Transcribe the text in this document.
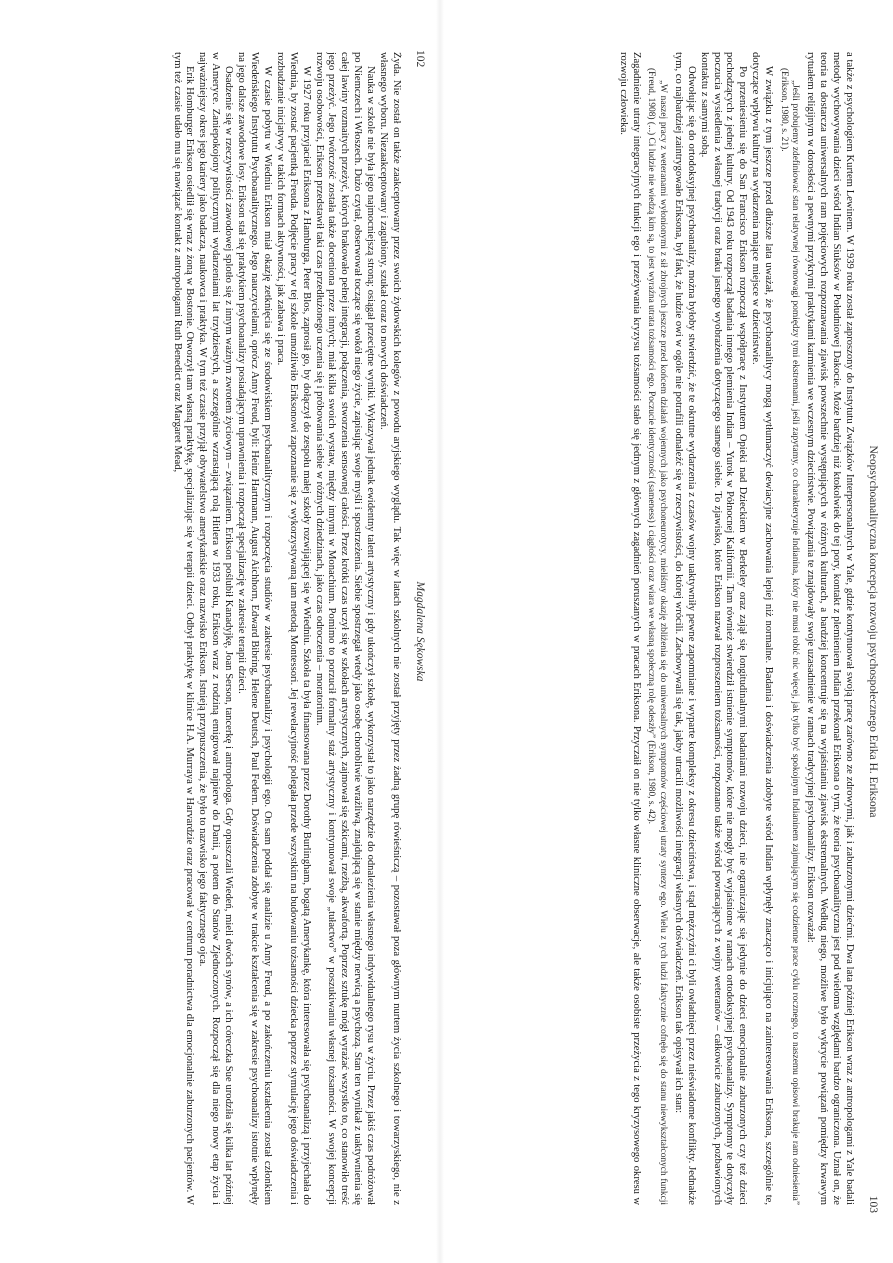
102
Magdalena Sękowska

Żyda. Nie został on także zaakceptowany przez swoich żydowskich kolegów z powodu aryjskiego wyglądu. Tak więc w latach szkolnych nie został przyjęty przez żadną grupę rówieśniczą – pozostawał poza głównym nurtem życia szkolnego i towarzyskiego, nie z własnego wyboru. Niezaakceptowany i zagubiony, szukał coraz to nowych doświadczeń.

Nauka w szkole nie była jego najmocniejszą stroną; osiągał przeciętne wyniki. Wykazywał jednak ewidentny talent artystyczny i gdy ukończył szkołę, wykorzystał to jako narzędzie do odnalezienia własnego indywidualnego rysu w życiu. Przez jakiś czas podróżował po Niemczech i Włoszech. Dużo czytał, obserwował toczące się wokół niego życie, zapisując swoje myśli i spostrzeżenia. Siebie spostrzegał wtedy jako osobę chorobliwie wrażliwą, znajdującą się w stanie między nerwicą a psychozą. Stan ten wynikał z uaktywnienia się całej lawiny rozmaitych przeżyć, których brakowało pełnej integracji, połączenia, stworzenia sensownej całości. Przez krótki czas uczył się w szkołach artystycznych, zajmował się szkicami, rzeźbą, akwafortą. Poprzez sztukę mógł wyrażać wszystko to, co stanowiło treść jego przeżyć. Jego twórczość została także doceniona przez innych; miał kilka swoich wystaw, między innymi w Monachium. Pomimo to porzucił formalny staż artystyczny i kontynuował swoje „tułactwo” w poszukiwaniu własnej tożsamości. W swojej koncepcji rozwoju osobowości, Erikson przedstawił taki czas przedłużonego uczenia się i próbowania siebie w różnych dziedzinach, jako czas odroczenia – moratorium.

W 1927 roku przyjaciel Eriksona z Hamburga, Peter Blos, zaprosił go, by dołączył do zespołu małej szkoły rozwijającej się w Wiedniu. Szkoła ta była finansowana przez Dorothy Burlingham, bogatą Amerykankę, która interesowała się psychoanalizą i przyjechała do Wiednia, by zostać pacjentką Freuda. Podjęcie pracy w tej szkole umożliwiło Eriksonowi zapoznanie się z wykorzystywaną tam metodą Montessori. Jej rewelacyjność polegała przede wszystkim na budowaniu tożsamości dziecka poprzez stymulację jego doświadczenia i rozbudzanie inicjatywy w takich formach aktywności, jak zabawa i praca.

W czasie pobytu w Wiedniu Erikson miał okazję zetknięcia się ze środowiskiem psychoanalitycznym i rozpoczęcia studiów w zakresie psychoanalizy i psychologii ego. On sam poddał się analizie u Anny Freud, a po zakończeniu kształcenia został członkiem Wiedeńskiego Instytutu Psychoanalitycznego. Jego nauczycielami, oprócz Anny Freud, byli: Heinz Hartmann, August Aichhorn, Edward Bibring, Helene Deutsch, Paul Federn. Doświadczenia zdobyte w trakcie kształcenia się w zakresie psychoanalizy istotnie wpłynęły na jego dalsze zawodowe losy. Erikson stał się praktykiem psychoanalizy posiadającym uprawnienia i rozpoczął specjalizację w zakresie terapii dzieci.

Osadzenie się w rzeczywistości zawodowej splotło się z innym ważnym zwrotem życiowym – związaniem. Erikson poślubił Kanadyjkę, Joan Serson, tancerkę i antropologa. Gdy opuszczali Wiedeń, mieli dwóch synów, a ich córeczka Sue urodziła się kilka lat później w Ameryce. Zaniepokojony politycznymi wydarzeniami lat trzydziestych, a szczególnie wzrastającą rolą Hitlera w 1933 roku, Erikson wraz z rodziną emigrował najpierw do Danii, a potem do Stanów Zjednoczonych. Rozpoczął się dla niego nowy etap życia i najważniejszy okres jego kariery jako badacza, naukowca i praktyka. W tym też czasie przyjął obywatelstwo amerykańskie oraz nazwisko Erikson. Istnieją przypuszczenia, że było to nazwisko jego faktycznego ojca.

Erik Homburger Erikson osiedlił się wraz z żoną w Bostonie. Otworzył tam własną praktykę, specjalizując się w terapii dzieci. Odbył praktykę w klinice H.A. Murraya w Harvardzie oraz pracował w centrum poradnictwa dla emocjonalnie zaburzonych pacjentów. W tym też czasie udało mu się nawiązać kontakt z antropologami Ruth Benedict oraz Margaret Mead,

Neopsychoanalityczna koncepcja rozwoju psychospołecznego Erika H. Eriksona
103

a także z psychologiem Kurtem Lewinem. W 1939 roku został zaproszony do Instytutu Związków Interpersonalnych w Yale, gdzie kontynuował swoją pracę zarówno ze zdrowymi, jak i zaburzonymi dziećmi. Dwa lata później Erikson wraz z antropologami z Yale badali metody wychowywania dzieci wśród Indian Siuksów w Południowej Dakocie. Może bardziej niż ktokolwiek do tej pory, kontakt z plemieniem Indian przekonał Eriksona o tym, że teoria psychoanalityczna jest pod wieloma względami bardzo ograniczona. Uznał on, że teoria ta dostarcza uniwersalnych ram pojęciowych rozpoznawania zjawisk powszechnie występujących w różnych kulturach, a bardziej koncentruje się na wyjaśnianiu zjawisk ekstremalnych. Według niego, możliwe było wykrycie powiązań pomiędzy krwawym rytuałem religijnym w dorosłości a pewnymi przykrymi praktykami karmienia we wczesnym dzieciństwie. Powiązania te znajdowały swoje uzasadnienie w ramach tradycyjnej psychoanalizy. Erikson rozważał:

„Jeśli probujemy zdefiniować stan relatywnej równowagi pomiędzy tymi ekstremami, jeśli zapytamy, co charakteryzuje Indianina, który nie musi robić nic więcej, jak tylko być spokojnym Indianinem zajmującym się codzienne prace cyklu rocznego, to naszemu opisowi brakuje ram odniesienia” (Erikson, 1980, s. 21).

W związku z tym jeszcze przed dłuższe lata uważał, że psychoanalitycy mogą wytłumaczyć dewiacyjne zachowania lepiej niż normalne. Badania i doświadczenia zdobyte wśród Indian wpłynęły znacząco i inicjująco na zainteresowania Eriksona, szczególnie te, dotyczące wpływu kultury na wydarzenia mające miejsce w dzieciństwie.

Po przeniesieniu się do San Francisco Erikson rozpoczął współpracę z Instytutem Opieki nad Dzieckiem w Berkeley oraz zajął się longitudinalnymi badaniami rozwoju dzieci, nie ograniczając się jedynie do dzieci emocjonalnie zaburzonych czy też dzieci pochodzących z jednej kultury. Od 1943 roku rozpoczął badania innego plemienia Indian – Yurok w Północnej Kalifornii. Tam również stwierdził istnienie symptomów, które nie mogły być wyjaśnione w ramach ortodoksyjnej psychoanalizy. Symptomy te dotyczyły poczucia wysiedlenia z własnej tradycji oraz braku jasnego wyobrażenia dotyczącego samego siebie. To zjawisko, które Erikson nazwał rozproszeniem tożsamości, rozpoznano także wśród powracających z wojny weteranów – całkowicie zaburzonych, pozbawionych kontaktu z samymi sobą.

Odwołując się do ortodoksyjnej psychoanalizy, można byłoby stwierdzić, że te okrutne wydarzenia z czasów wojny uaktywniły pewne zapomniane i wyparte kompleksy z okresu dzieciństwa, i stąd mężczyźni ci byli owładnięci przez nieświadome konflikty. Jednakże tym, co najbardziej zaintrygowało Eriksona, był fakt, że ludzie owi w ogóle nie potrafili odnaleźć się w rzeczywistości, do której wrócili. Zachowywali się tak, jakby utracili możliwości integracji własnych doświadczeń. Erikson tak opisywał ich stan:

„W naszej pracy z weteranami wyłonionymi z sił zbrojnych jeszcze przed końcem działań wojennych jako psychoneurotycy, mieliśmy okazję zbliżenia się do uniwersalnych symptomów częściowej utraty syntezy ego. Wielu z tych ludzi faktycznie cofnęło się do stanu niewykształconych funkcji (Freud, 1908) (...) Ci ludzie nie wiedzą kim są, to jest wyraźna utrata tożsamości ego. Poczucie identyczności (sameness) i ciągłości oraz wiara we własną społeczną rolę odeszły” (Erikson, 1980, s. 42).

Zagadnienie utraty integracyjnych funkcji ego i przeżywania kryzysu tożsamości stało się jednym z głównych zagadnień poruszanych w pracach Eriksona. Przyczaił on nie tylko własne kliniczne obserwacje, ale także osobiste przeżycia z tego kryzysowego okresu w rozwoju człowieka.
